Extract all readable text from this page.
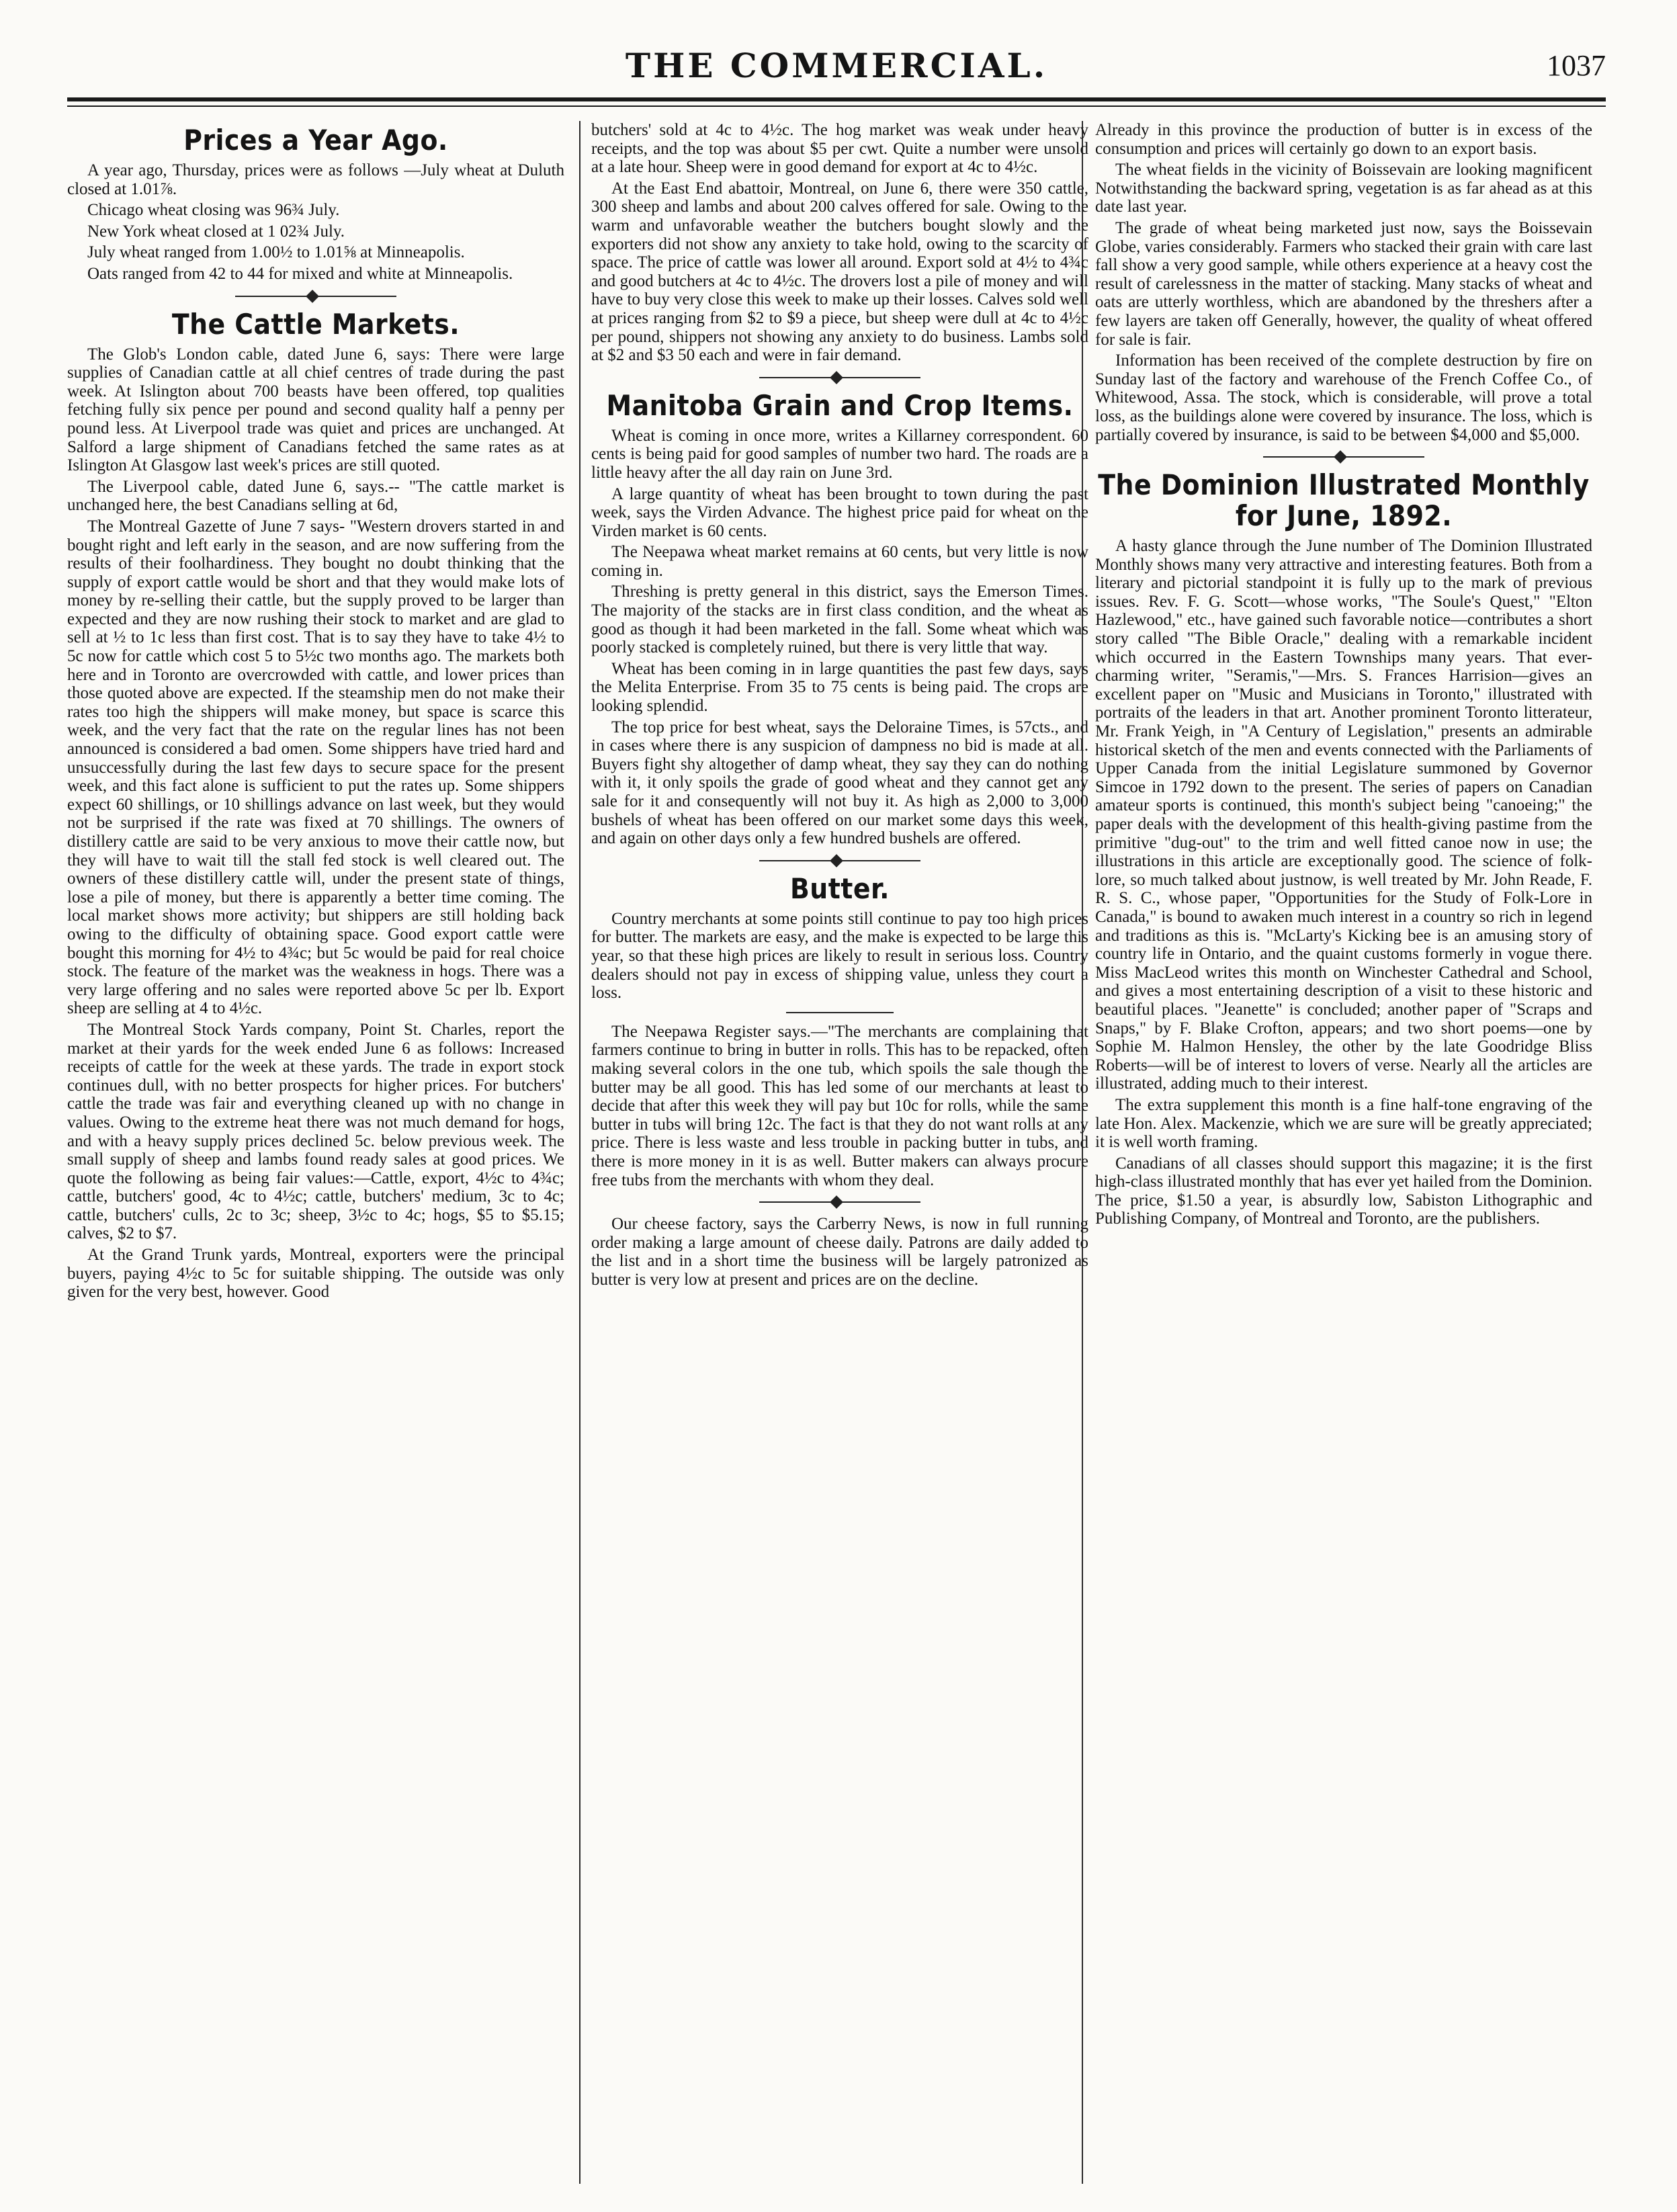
THE COMMERCIAL.	1037
Prices a Year Ago.

A year ago, Thursday, prices were as follows —July wheat at Duluth closed at 1.01⅞.

Chicago wheat closing was 96¾ July.

New York wheat closed at 1 02¾ July.

July wheat ranged from 1.00½ to 1.01⅝ at Minneapolis.

Oats ranged from 42 to 44 for mixed and white at Minneapolis.

The Cattle Markets.

The Glob's London cable, dated June 6, says: There were large supplies of Canadian cattle at all chief centres of trade during the past week. At Islington about 700 beasts have been offered, top qualities fetching fully six pence per pound and second quality half a penny per pound less. At Liverpool trade was quiet and prices are unchanged. At Salford a large shipment of Canadians fetched the same rates as at Islington At Glasgow last week's prices are still quoted.

The Liverpool cable, dated June 6, says.-- "The cattle market is unchanged here, the best Canadians selling at 6d,

The Montreal Gazette of June 7 says- "Western drovers started in and bought right and left early in the season, and are now suffering from the results of their foolhardiness. They bought no doubt thinking that the supply of export cattle would be short and that they would make lots of money by re-selling their cattle, but the supply proved to be larger than expected and they are now rushing their stock to market and are glad to sell at ½ to 1c less than first cost. That is to say they have to take 4½ to 5c now for cattle which cost 5 to 5½c two months ago. The markets both here and in Toronto are overcrowded with cattle, and lower prices than those quoted above are expected. If the steamship men do not make their rates too high the shippers will make money, but space is scarce this week, and the very fact that the rate on the regular lines has not been announced is considered a bad omen. Some shippers have tried hard and unsuccessfully during the last few days to secure space for the present week, and this fact alone is sufficient to put the rates up. Some shippers expect 60 shillings, or 10 shillings advance on last week, but they would not be surprised if the rate was fixed at 70 shillings. The owners of distillery cattle are said to be very anxious to move their cattle now, but they will have to wait till the stall fed stock is well cleared out. The owners of these distillery cattle will, under the present state of things, lose a pile of money, but there is apparently a better time coming. The local market shows more activity; but shippers are still holding back owing to the difficulty of obtaining space. Good export cattle were bought this morning for 4½ to 4¾c; but 5c would be paid for real choice stock. The feature of the market was the weakness in hogs. There was a very large offering and no sales were reported above 5c per lb. Export sheep are selling at 4 to 4½c.

The Montreal Stock Yards company, Point St. Charles, report the market at their yards for the week ended June 6 as follows: Increased receipts of cattle for the week at these yards. The trade in export stock continues dull, with no better prospects for higher prices. For butchers' cattle the trade was fair and everything cleaned up with no change in values. Owing to the extreme heat there was not much demand for hogs, and with a heavy supply prices declined 5c. below previous week. The small supply of sheep and lambs found ready sales at good prices. We quote the following as being fair values:—Cattle, export, 4½c to 4¾c; cattle, butchers' good, 4c to 4½c; cattle, butchers' medium, 3c to 4c; cattle, butchers' culls, 2c to 3c; sheep, 3½c to 4c; hogs, $5 to $5.15; calves, $2 to $7.

At the Grand Trunk yards, Montreal, exporters were the principal buyers, paying 4½c to 5c for suitable shipping. The outside was only given for the very best, however. Good

butchers' sold at 4c to 4½c. The hog market was weak under heavy receipts, and the top was about $5 per cwt. Quite a number were unsold at a late hour. Sheep were in good demand for export at 4c to 4½c.

At the East End abattoir, Montreal, on June 6, there were 350 cattle, 300 sheep and lambs and about 200 calves offered for sale. Owing to the warm and unfavorable weather the butchers bought slowly and the exporters did not show any anxiety to take hold, owing to the scarcity of space. The price of cattle was lower all around. Export sold at 4½ to 4¾c and good butchers at 4c to 4½c. The drovers lost a pile of money and will have to buy very close this week to make up their losses. Calves sold well at prices ranging from $2 to $9 a piece, but sheep were dull at 4c to 4½c per pound, shippers not showing any anxiety to do business. Lambs sold at $2 and $3 50 each and were in fair demand.

Manitoba Grain and Crop Items.

Wheat is coming in once more, writes a Killarney correspondent. 60 cents is being paid for good samples of number two hard. The roads are a little heavy after the all day rain on June 3rd.

A large quantity of wheat has been brought to town during the past week, says the Virden Advance. The highest price paid for wheat on the Virden market is 60 cents.

The Neepawa wheat market remains at 60 cents, but very little is now coming in.

Threshing is pretty general in this district, says the Emerson Times. The majority of the stacks are in first class condition, and the wheat as good as though it had been marketed in the fall. Some wheat which was poorly stacked is completely ruined, but there is very little that way.

Wheat has been coming in in large quantities the past few days, says the Melita Enterprise. From 35 to 75 cents is being paid. The crops are looking splendid.

The top price for best wheat, says the Deloraine Times, is 57cts., and in cases where there is any suspicion of dampness no bid is made at all. Buyers fight shy altogether of damp wheat, they say they can do nothing with it, it only spoils the grade of good wheat and they cannot get any sale for it and consequently will not buy it. As high as 2,000 to 3,000 bushels of wheat has been offered on our market some days this week, and again on other days only a few hundred bushels are offered.

Butter.

Country merchants at some points still continue to pay too high prices for butter. The markets are easy, and the make is expected to be large this year, so that these high prices are likely to result in serious loss. Country dealers should not pay in excess of shipping value, unless they court a loss.

The Neepawa Register says.—"The merchants are complaining that farmers continue to bring in butter in rolls. This has to be repacked, often making several colors in the one tub, which spoils the sale though the butter may be all good. This has led some of our merchants at least to decide that after this week they will pay but 10c for rolls, while the same butter in tubs will bring 12c. The fact is that they do not want rolls at any price. There is less waste and less trouble in packing butter in tubs, and there is more money in it is as well. Butter makers can always procure free tubs from the merchants with whom they deal.

Our cheese factory, says the Carberry News, is now in full running order making a large amount of cheese daily. Patrons are daily added to the list and in a short time the business will be largely patronized as butter is very low at present and prices are on the decline.

Already in this province the production of butter is in excess of the consumption and prices will certainly go down to an export basis.

The wheat fields in the vicinity of Boissevain are looking magnificent Notwithstanding the backward spring, vegetation is as far ahead as at this date last year.

The grade of wheat being marketed just now, says the Boissevain Globe, varies considerably. Farmers who stacked their grain with care last fall show a very good sample, while others experience at a heavy cost the result of carelessness in the matter of stacking. Many stacks of wheat and oats are utterly worthless, which are abandoned by the threshers after a few layers are taken off Generally, however, the quality of wheat offered for sale is fair.

Information has been received of the complete destruction by fire on Sunday last of the factory and warehouse of the French Coffee Co., of Whitewood, Assa. The stock, which is considerable, will prove a total loss, as the buildings alone were covered by insurance. The loss, which is partially covered by insurance, is said to be between $4,000 and $5,000.

The Dominion Illustrated Monthly for June, 1892.

A hasty glance through the June number of The Dominion Illustrated Monthly shows many very attractive and interesting features. Both from a literary and pictorial standpoint it is fully up to the mark of previous issues. Rev. F. G. Scott—whose works, "The Soule's Quest," "Elton Hazlewood," etc., have gained such favorable notice—contributes a short story called "The Bible Oracle," dealing with a remarkable incident which occurred in the Eastern Townships many years. That ever-charming writer, "Seramis,"—Mrs. S. Frances Harrision—gives an excellent paper on "Music and Musicians in Toronto," illustrated with portraits of the leaders in that art. Another prominent Toronto litterateur, Mr. Frank Yeigh, in "A Century of Legislation," presents an admirable historical sketch of the men and events connected with the Parliaments of Upper Canada from the initial Legislature summoned by Governor Simcoe in 1792 down to the present. The series of papers on Canadian amateur sports is continued, this month's subject being "canoeing;" the paper deals with the development of this health-giving pastime from the primitive "dug-out" to the trim and well fitted canoe now in use; the illustrations in this article are exceptionally good. The science of folk-lore, so much talked about justnow, is well treated by Mr. John Reade, F. R. S. C., whose paper, "Opportunities for the Study of Folk-Lore in Canada," is bound to awaken much interest in a country so rich in legend and traditions as this is. "McLarty's Kicking bee is an amusing story of country life in Ontario, and the quaint customs formerly in vogue there. Miss MacLeod writes this month on Winchester Cathedral and School, and gives a most entertaining description of a visit to these historic and beautiful places. "Jeanette" is concluded; another paper of "Scraps and Snaps," by F. Blake Crofton, appears; and two short poems—one by Sophie M. Halmon Hensley, the other by the late Goodridge Bliss Roberts—will be of interest to lovers of verse. Nearly all the articles are illustrated, adding much to their interest.

The extra supplement this month is a fine half-tone engraving of the late Hon. Alex. Mackenzie, which we are sure will be greatly appreciated; it is well worth framing.

Canadians of all classes should support this magazine; it is the first high-class illustrated monthly that has ever yet hailed from the Dominion. The price, $1.50 a year, is absurdly low, Sabiston Lithographic and Publishing Company, of Montreal and Toronto, are the publishers.
